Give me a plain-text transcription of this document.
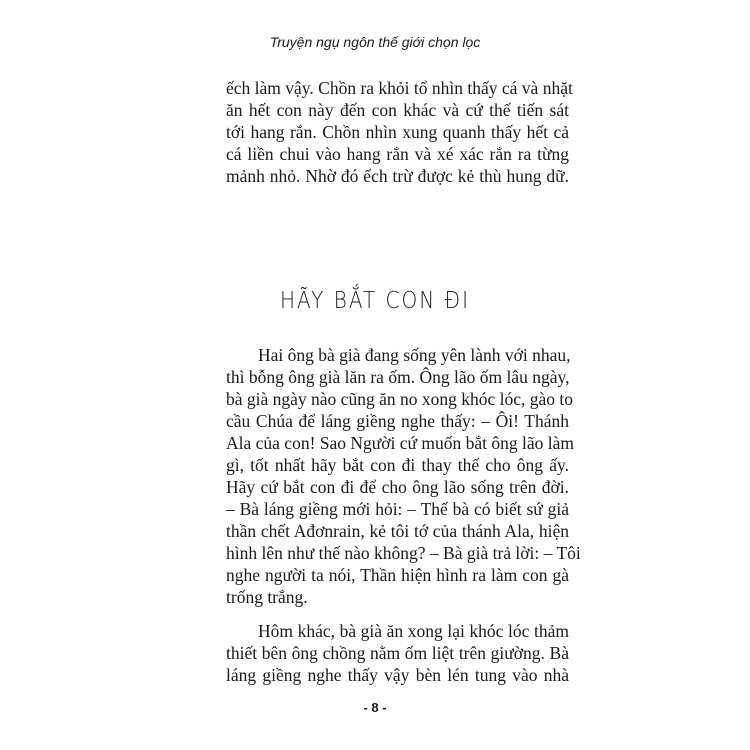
Truyện ngụ ngôn thế giới chọn lọc
ếch làm vậy. Chồn ra khỏi tổ nhìn thấy cá và nhặt
ăn hết con này đến con khác và cứ thế tiến sát
tới hang rắn. Chồn nhìn xung quanh thấy hết cả
cá liền chui vào hang rắn và xé xác rắn ra từng
mảnh nhỏ. Nhờ đó ếch trừ được kẻ thù hung dữ.
HÃY BẮT CON ĐI
Hai ông bà già đang sống yên lành với nhau,
thì bỗng ông già lăn ra ốm. Ông lão ốm lâu ngày,
bà già ngày nào cũng ăn no xong khóc lóc, gào to
cầu Chúa để láng giềng nghe thấy: – Ôi! Thánh
Ala của con! Sao Người cứ muốn bắt ông lão làm
gì, tốt nhất hãy bắt con đi thay thế cho ông ấy.
Hãy cứ bắt con đi để cho ông lão sống trên đời.
– Bà láng giềng mới hỏi: – Thế bà có biết sứ giả
thần chết Ađơnrain, kẻ tôi tớ của thánh Ala, hiện
hình lên như thế nào không? – Bà già trả lời: – Tôi
nghe người ta nói, Thần hiện hình ra làm con gà
trống trắng.
Hôm khác, bà già ăn xong lại khóc lóc thảm
thiết bên ông chồng nằm ốm liệt trên giường. Bà
láng giềng nghe thấy vậy bèn lén tung vào nhà
- 8 -
